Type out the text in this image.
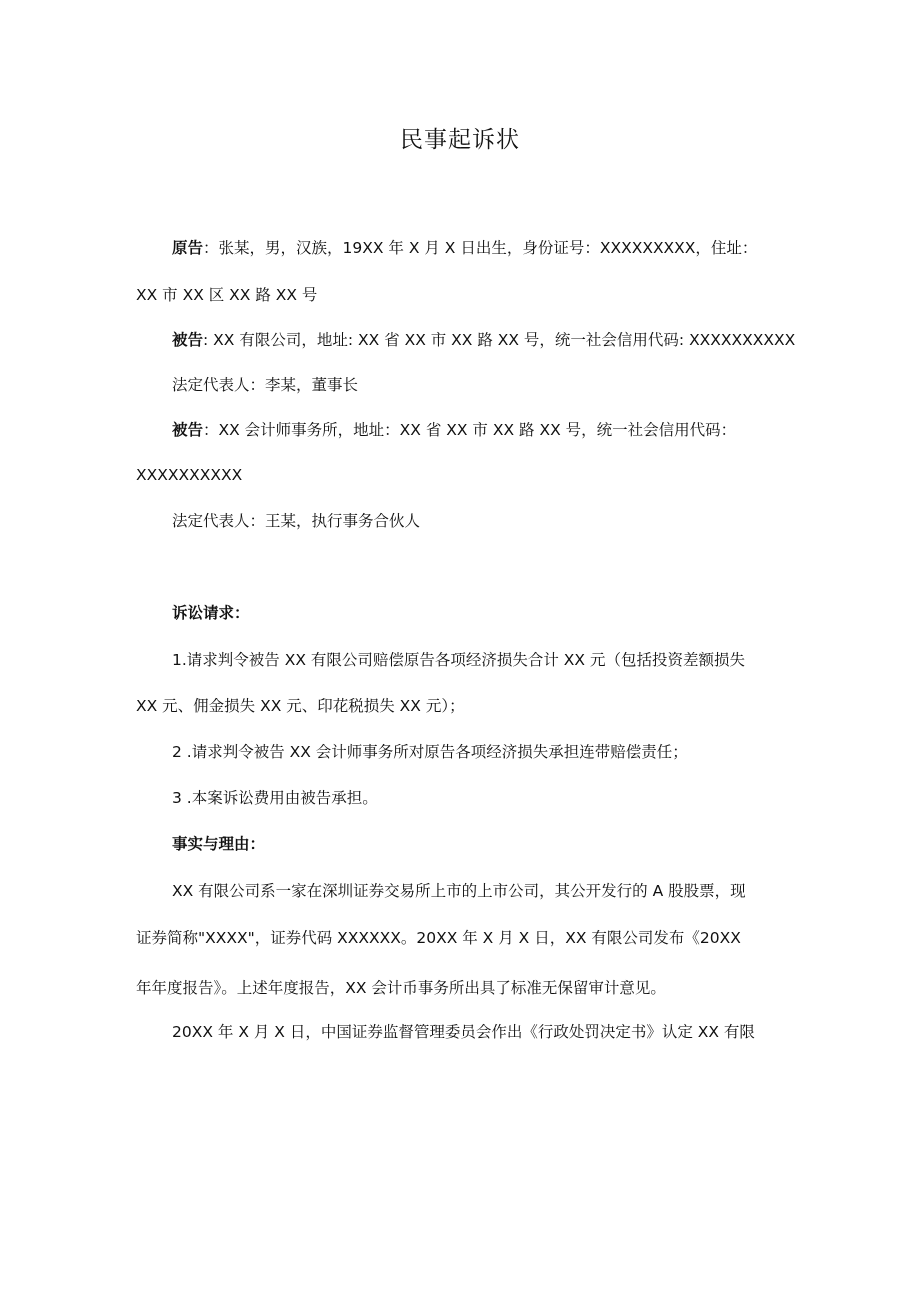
民事起诉状
原告：张某，男，汉族，19XX 年 X 月 X 日出生，身份证号：XXXXXXXXX，住址：
XX 市 XX 区 XX 路 XX 号
被告: XX 有限公司，地址: XX 省 XX 市 XX 路 XX 号，统一社会信用代码: XXXXXXXXXX
法定代表人：李某，董事长
被告：XX 会计师事务所，地址：XX 省 XX 市 XX 路 XX 号，统一社会信用代码：
XXXXXXXXXX
法定代表人：王某，执行事务合伙人
诉讼请求：
1.请求判令被告 XX 有限公司赔偿原告各项经济损失合计 XX 元（包括投资差额损失
XX 元、佣金损失 XX 元、印花税损失 XX 元）；
2 .请求判令被告 XX 会计师事务所对原告各项经济损失承担连带赔偿责任；
3 .本案诉讼费用由被告承担。
事实与理由：
XX 有限公司系一家在深圳证券交易所上市的上市公司，其公开发行的 A 股股票，现
证券简称"XXXX"，证券代码 XXXXXX。20XX 年 X 月 X 日，XX 有限公司发布《20XX
年年度报告》。上述年度报告，XX 会计币事务所出具了标准无保留审计意见。
20XX 年 X 月 X 日，中国证券监督管理委员会作出《行政处罚决定书》认定 XX 有限
